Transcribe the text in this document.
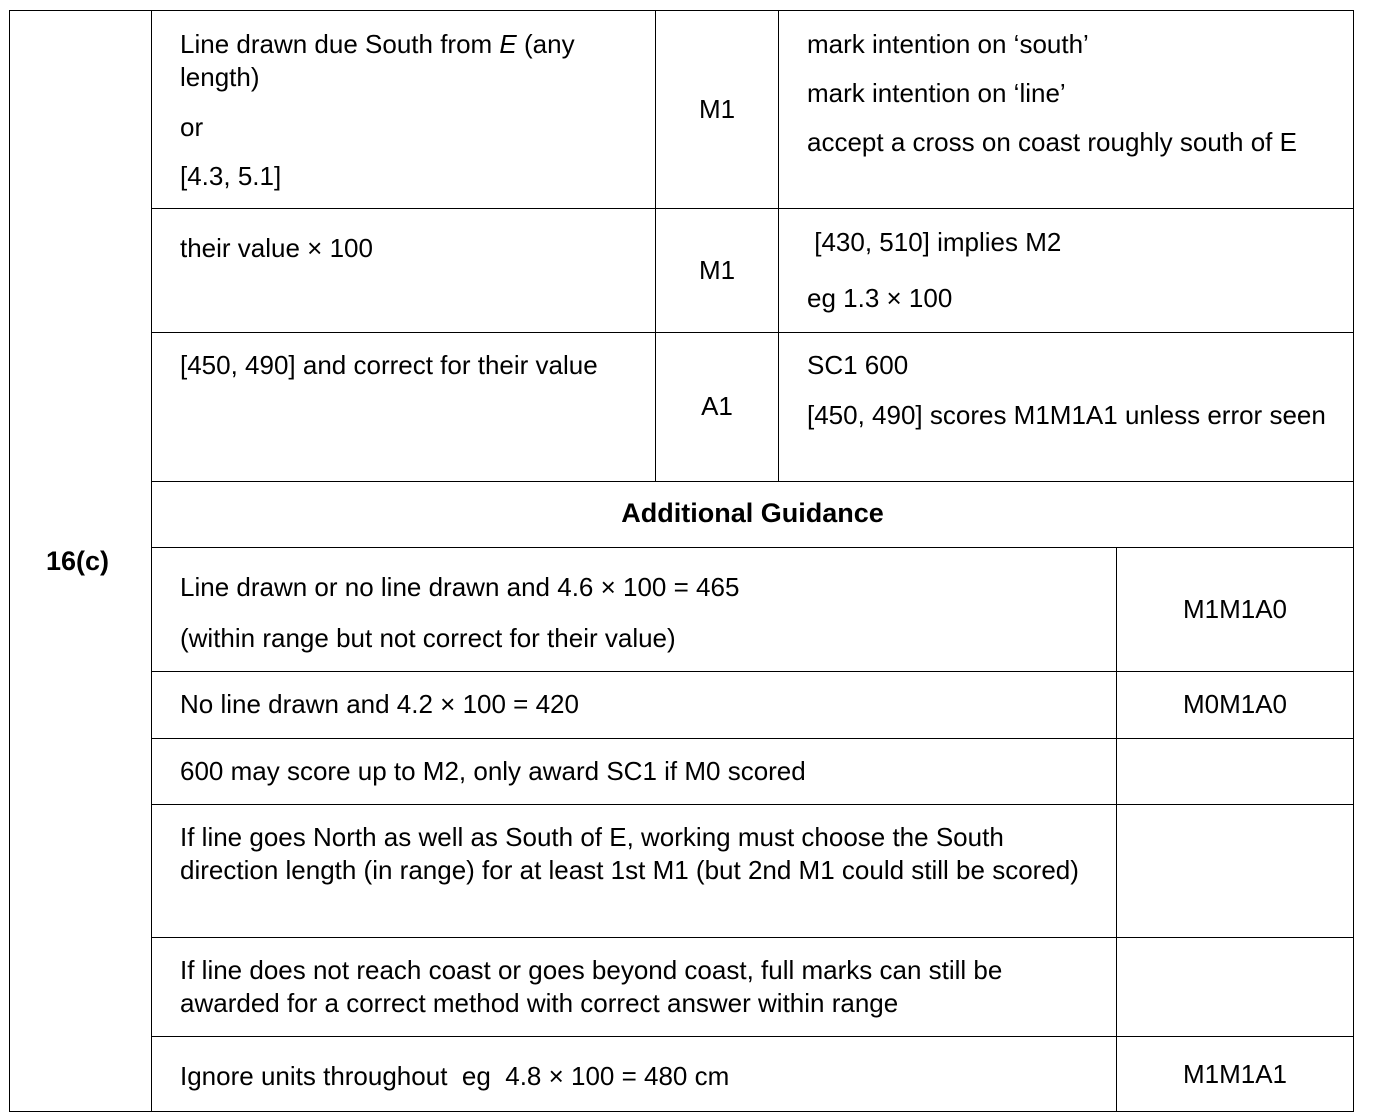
16(c)

Line drawn due South from E (any length)

or

[4.3, 5.1]

M1

mark intention on ‘south’

mark intention on ‘line’

accept a cross on coast roughly south of E

their value × 100

M1

[430, 510] implies M2

eg 1.3 × 100

[450, 490] and correct for their value

A1

SC1 600

[450, 490] scores M1M1A1 unless error seen

Additional Guidance

Line drawn or no line drawn and 4.6 × 100 = 465

(within range but not correct for their value)

M1M1A0

No line drawn and 4.2 × 100 = 420	M0M1A0

600 may score up to M2, only award SC1 if M0 scored

If line goes North as well as South of E, working must choose the South direction length (in range) for at least 1st M1 (but 2nd M1 could still be scored)

If line does not reach coast or goes beyond coast, full marks can still be awarded for a correct method with correct answer within range

Ignore units throughout  eg  4.8 × 100 = 480 cm	M1M1A1
